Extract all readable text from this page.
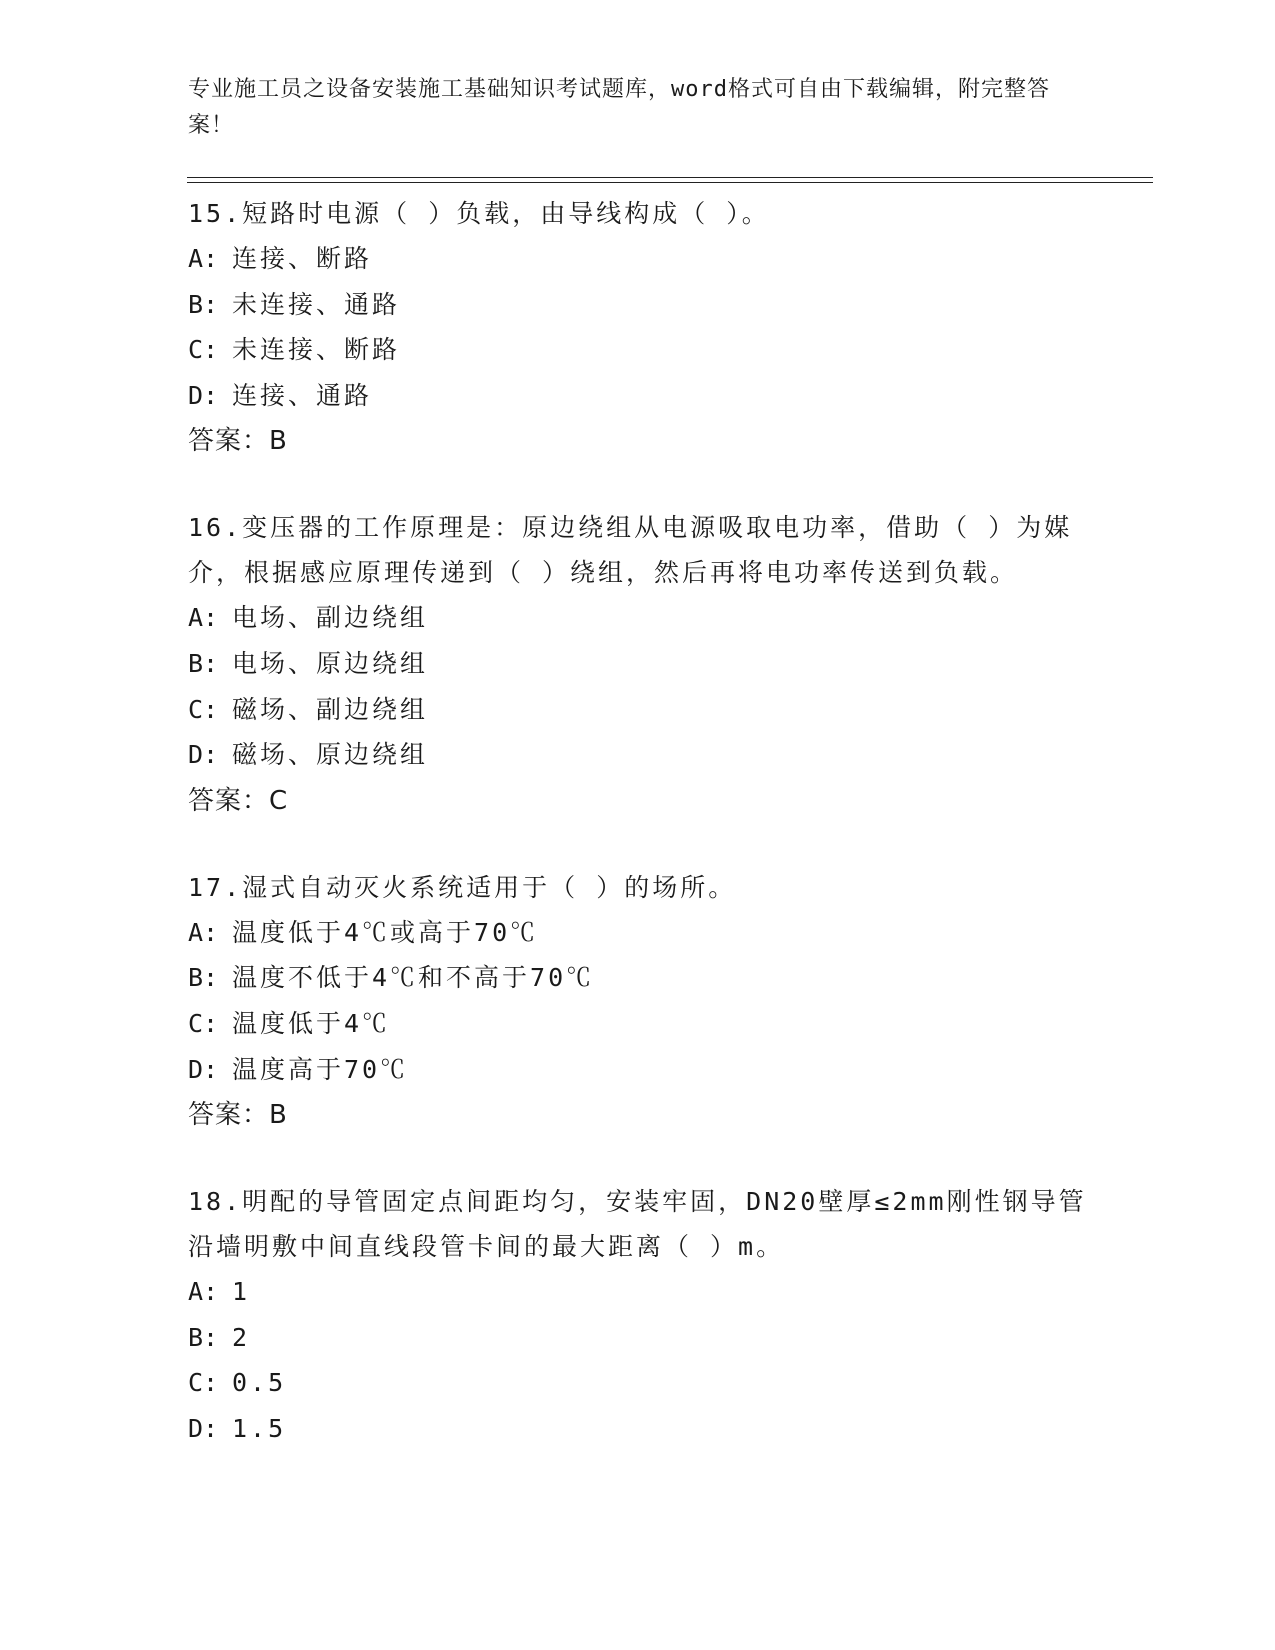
专业施工员之设备安装施工基础知识考试题库，word格式可自由下载编辑，附完整答案！

15.短路时电源（ ）负载，由导线构成（ ）。

A: 连接、断路

B: 未连接、通路

C: 未连接、断路

D: 连接、通路

答案：B

16.变压器的工作原理是：原边绕组从电源吸取电功率，借助（ ）为媒介，根据感应原理传递到（ ）绕组，然后再将电功率传送到负载。

A: 电场、副边绕组

B: 电场、原边绕组

C: 磁场、副边绕组

D: 磁场、原边绕组

答案：C

17.湿式自动灭火系统适用于（ ）的场所。

A: 温度低于4℃或高于70℃

B: 温度不低于4℃和不高于70℃

C: 温度低于4℃

D: 温度高于70℃

答案：B

18.明配的导管固定点间距均匀，安装牢固，DN20壁厚≤2mm刚性钢导管沿墙明敷中间直线段管卡间的最大距离（ ）m。

A: 1

B: 2

C: 0.5

D: 1.5
